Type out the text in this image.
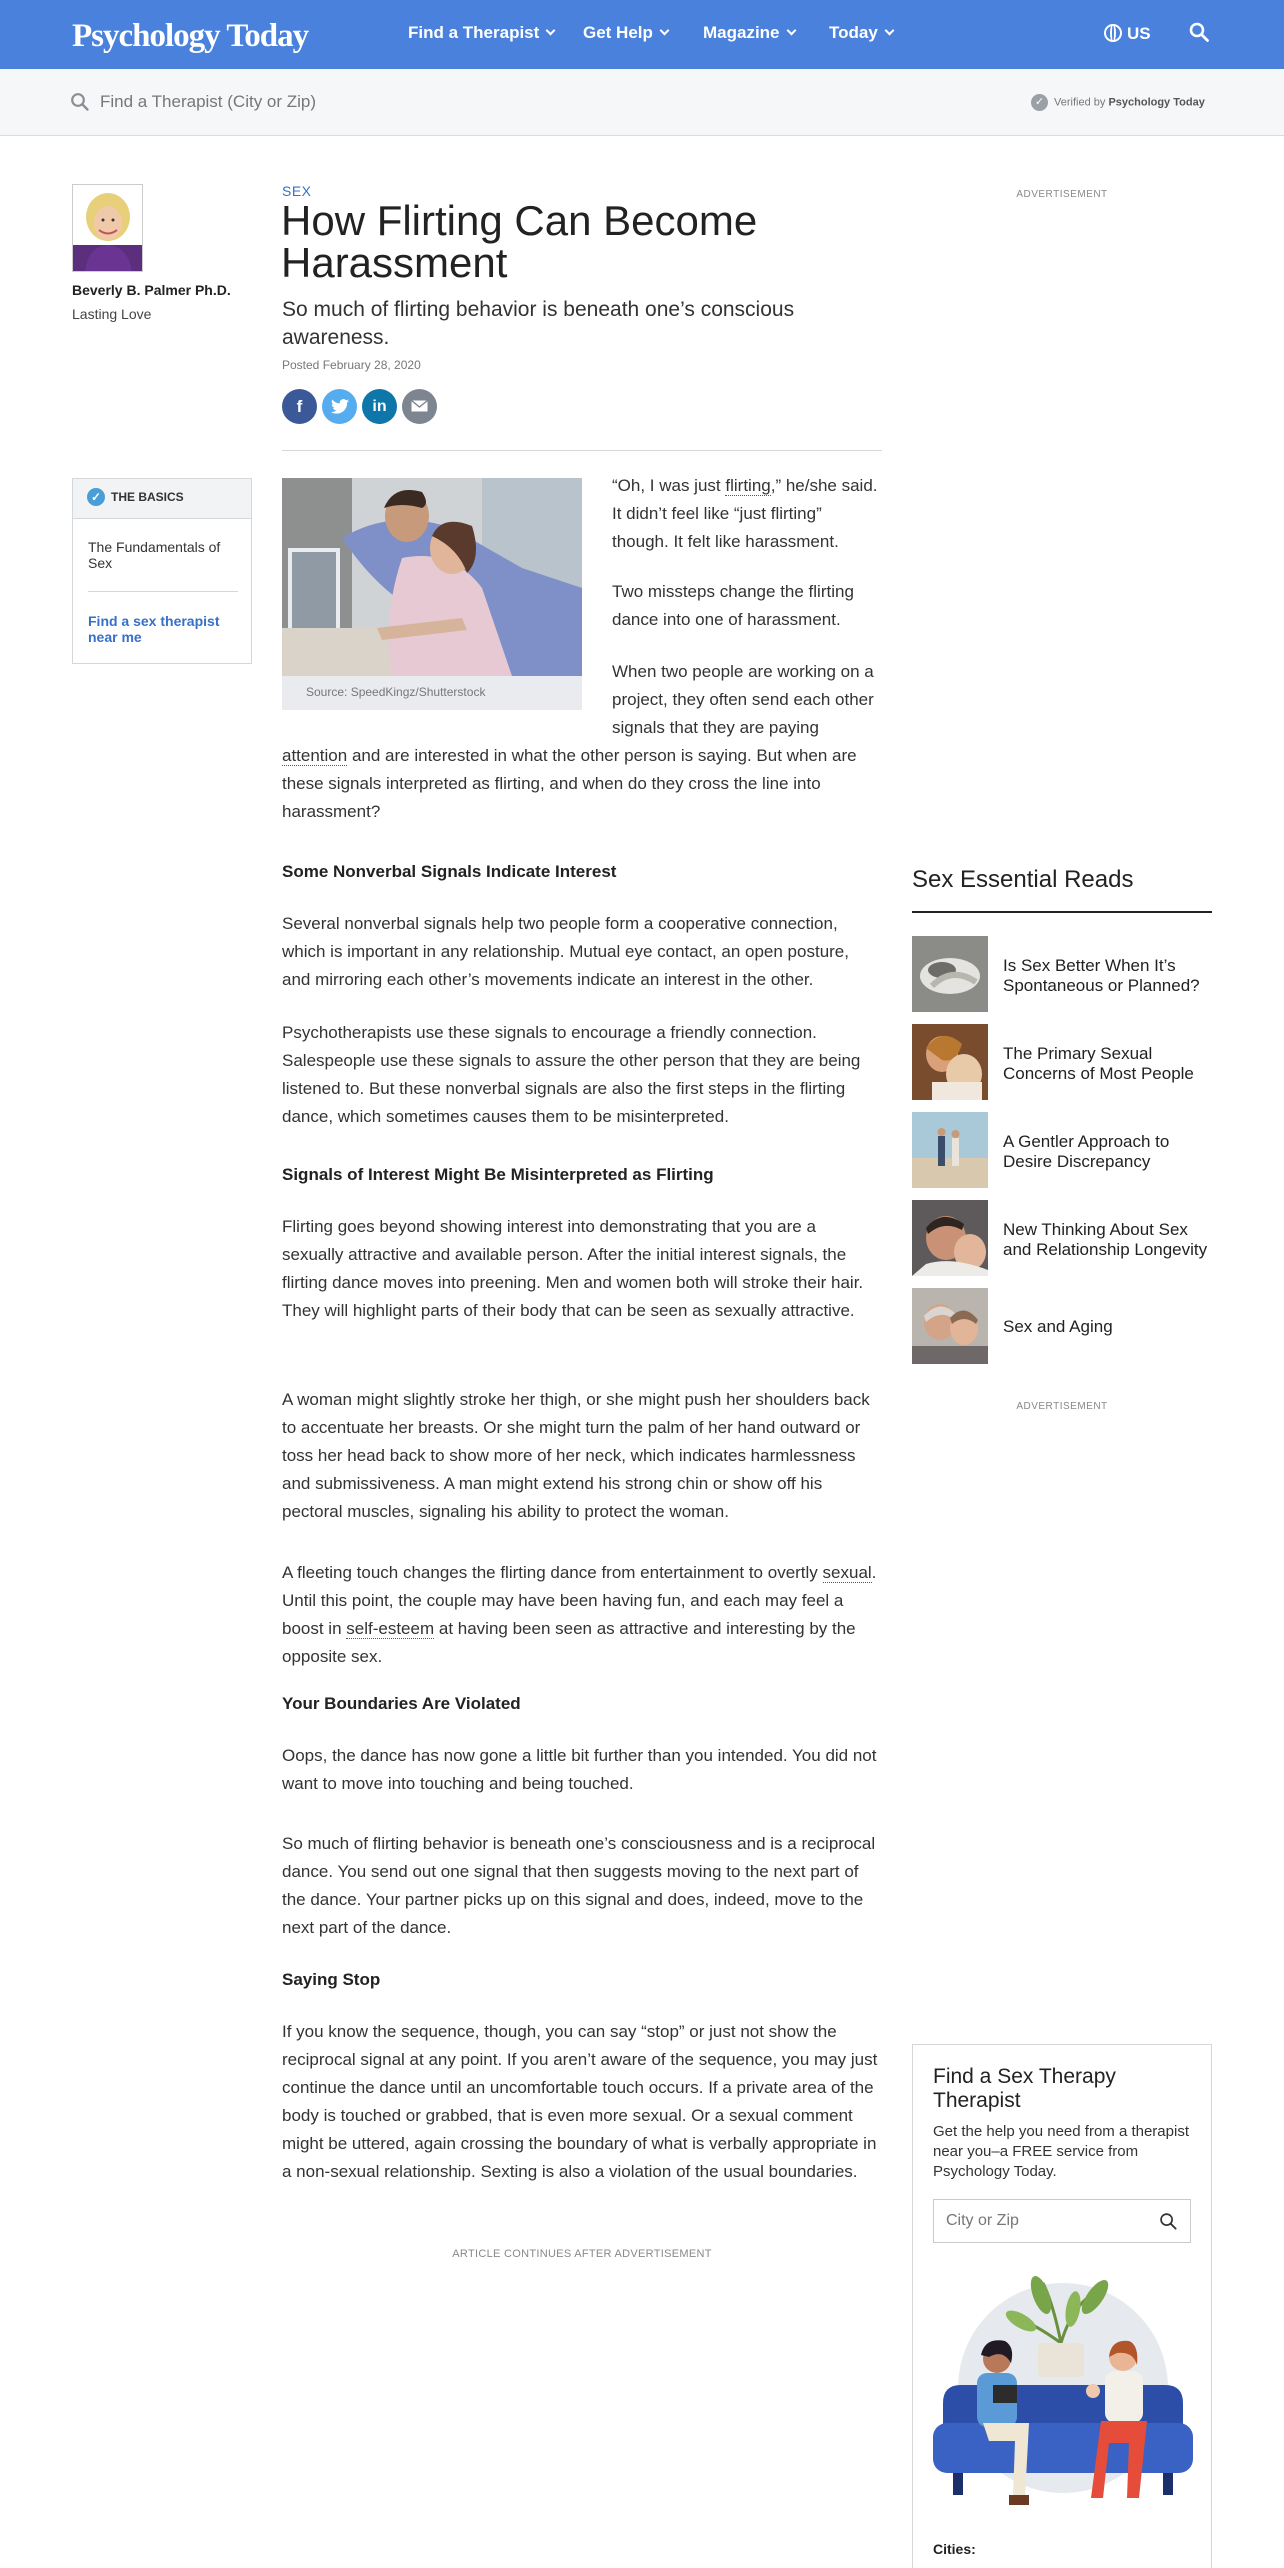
Psychology Today	Find a Therapist	Get Help	Magazine	Today	US
Find a Therapist (City or Zip)
✓ Verified by Psychology Today
Beverly B. Palmer Ph.D.
Lasting Love
✓ THE BASICS
The Fundamentals of Sex
Find a sex therapist near me
SEX
How Flirting Can Become Harassment
So much of flirting behavior is beneath one’s conscious awareness.
Posted February 28, 2020
f	in
Source: SpeedKingz/Shutterstock
“Oh, I was just flirting,” he/she said. It didn’t feel like “just flirting” though. It felt like harassment.
Two missteps change the flirting dance into one of harassment.
When two people are working on a project, they often send each other signals that they are paying
attention and are interested in what the other person is saying. But when are these signals interpreted as flirting, and when do they cross the line into harassment?
Some Nonverbal Signals Indicate Interest
Several nonverbal signals help two people form a cooperative connection, which is important in any relationship. Mutual eye contact, an open posture, and mirroring each other’s movements indicate an interest in the other.
Psychotherapists use these signals to encourage a friendly connection. Salespeople use these signals to assure the other person that they are being listened to. But these nonverbal signals are also the first steps in the flirting dance, which sometimes causes them to be misinterpreted.
Signals of Interest Might Be Misinterpreted as Flirting
Flirting goes beyond showing interest into demonstrating that you are a sexually attractive and available person. After the initial interest signals, the flirting dance moves into preening. Men and women both will stroke their hair. They will highlight parts of their body that can be seen as sexually attractive.
A woman might slightly stroke her thigh, or she might push her shoulders back to accentuate her breasts. Or she might turn the palm of her hand outward or toss her head back to show more of her neck, which indicates harmlessness and submissiveness. A man might extend his strong chin or show off his pectoral muscles, signaling his ability to protect the woman.
A fleeting touch changes the flirting dance from entertainment to overtly sexual. Until this point, the couple may have been having fun, and each may feel a boost in self-esteem at having been seen as attractive and interesting by the opposite sex.
Your Boundaries Are Violated
Oops, the dance has now gone a little bit further than you intended. You did not want to move into touching and being touched.
So much of flirting behavior is beneath one’s consciousness and is a reciprocal dance. You send out one signal that then suggests moving to the next part of the dance. Your partner picks up on this signal and does, indeed, move to the next part of the dance.
Saying Stop
If you know the sequence, though, you can say “stop” or just not show the reciprocal signal at any point. If you aren’t aware of the sequence, you may just continue the dance until an uncomfortable touch occurs. If a private area of the body is touched or grabbed, that is even more sexual. Or a sexual comment might be uttered, again crossing the boundary of what is verbally appropriate in a non-sexual relationship. Sexting is also a violation of the usual boundaries.
ARTICLE CONTINUES AFTER ADVERTISEMENT
ADVERTISEMENT
Sex Essential Reads
Is Sex Better When It’s Spontaneous or Planned?
The Primary Sexual Concerns of Most People
A Gentler Approach to Desire Discrepancy
New Thinking About Sex and Relationship Longevity
Sex and Aging
ADVERTISEMENT
Find a Sex Therapy Therapist
Get the help you need from a therapist near you–a FREE service from Psychology Today.
City or Zip
Cities:
